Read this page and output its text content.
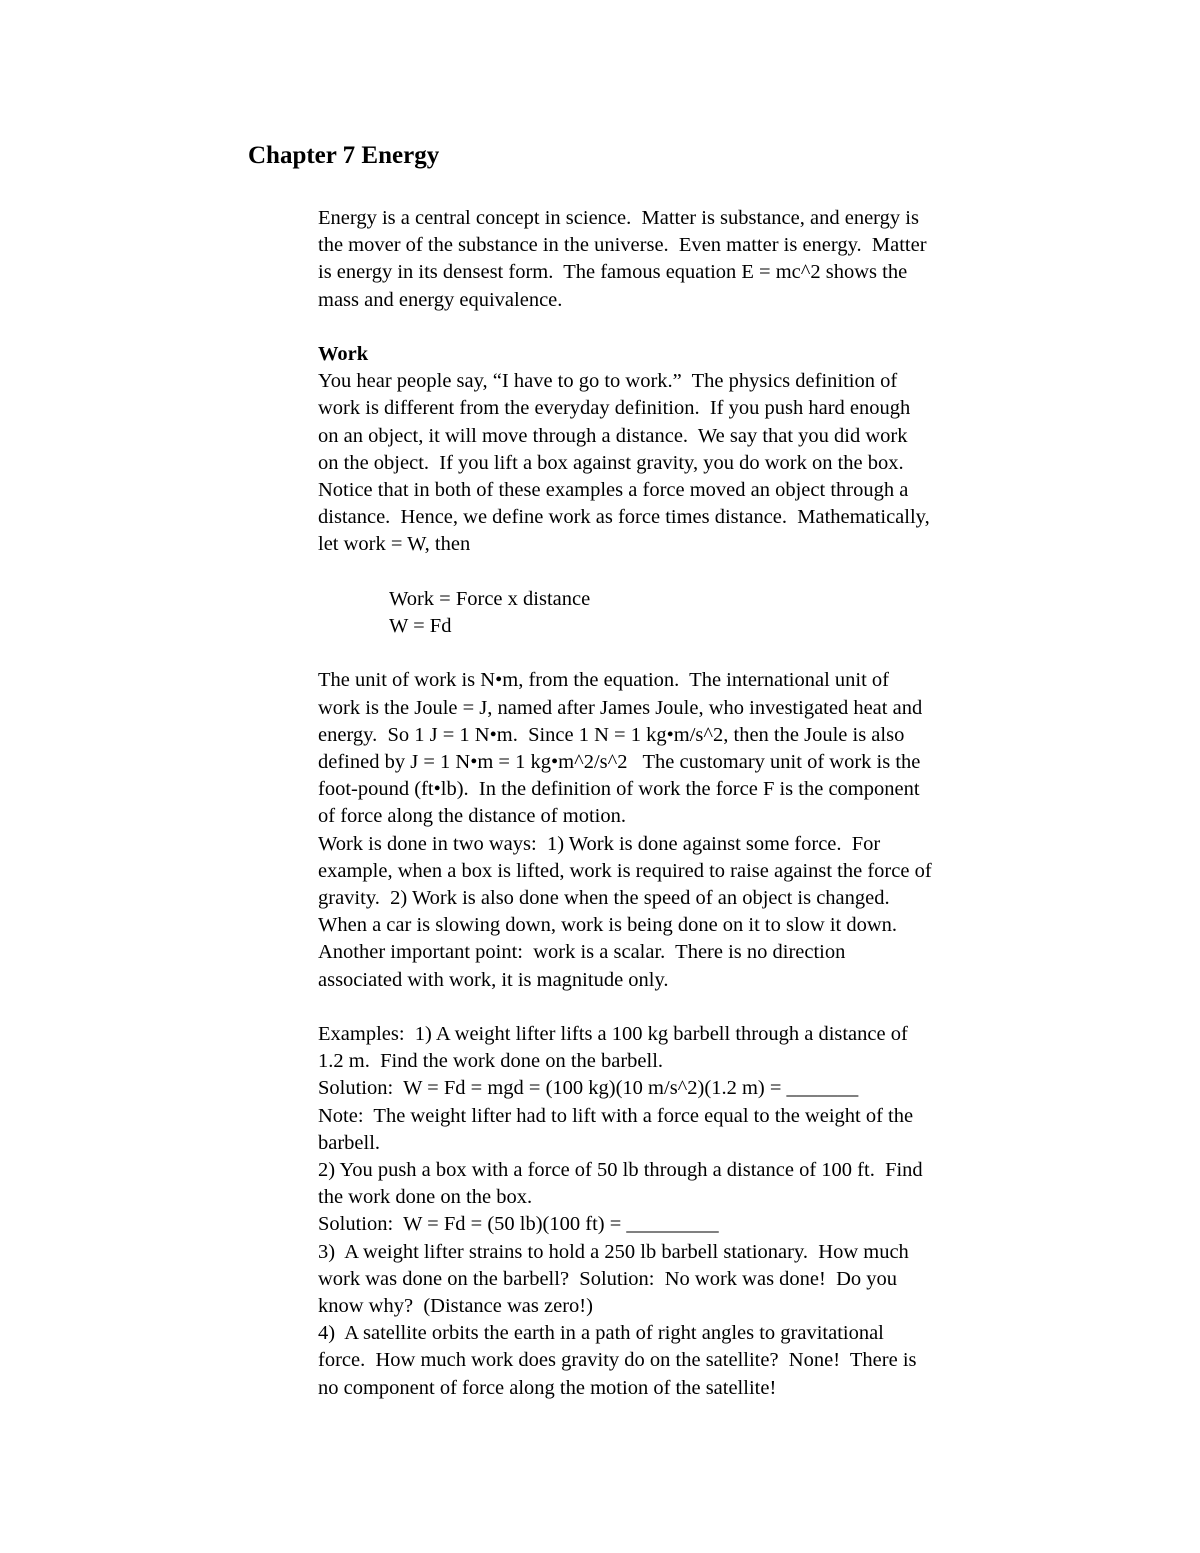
Chapter 7 Energy

Energy is a central concept in science.  Matter is substance, and energy is

the mover of the substance in the universe.  Even matter is energy.  Matter

is energy in its densest form.  The famous equation E = mc^2 shows the

mass and energy equivalence.

Work

You hear people say, “I have to go to work.”  The physics definition of

work is different from the everyday definition.  If you push hard enough

on an object, it will move through a distance.  We say that you did work

on the object.  If you lift a box against gravity, you do work on the box.

Notice that in both of these examples a force moved an object through a

distance.  Hence, we define work as force times distance.  Mathematically,

let work = W, then

Work = Force x distance

W = Fd

The unit of work is N•m, from the equation.  The international unit of

work is the Joule = J, named after James Joule, who investigated heat and

energy.  So 1 J = 1 N•m.  Since 1 N = 1 kg•m/s^2, then the Joule is also

defined by J = 1 N•m = 1 kg•m^2/s^2   The customary unit of work is the

foot-pound (ft•lb).  In the definition of work the force F is the component

of force along the distance of motion.

Work is done in two ways:  1) Work is done against some force.  For

example, when a box is lifted, work is required to raise against the force of

gravity.  2) Work is also done when the speed of an object is changed.

When a car is slowing down, work is being done on it to slow it down.

Another important point:  work is a scalar.  There is no direction

associated with work, it is magnitude only.

Examples:  1) A weight lifter lifts a 100 kg barbell through a distance of

1.2 m.  Find the work done on the barbell.

Solution:  W = Fd = mgd = (100 kg)(10 m/s^2)(1.2 m) = _______

Note:  The weight lifter had to lift with a force equal to the weight of the

barbell.

2) You push a box with a force of 50 lb through a distance of 100 ft.  Find

the work done on the box.

Solution:  W = Fd = (50 lb)(100 ft) = _________

3)  A weight lifter strains to hold a 250 lb barbell stationary.  How much

work was done on the barbell?  Solution:  No work was done!  Do you

know why?  (Distance was zero!)

4)  A satellite orbits the earth in a path of right angles to gravitational

force.  How much work does gravity do on the satellite?  None!  There is

no component of force along the motion of the satellite!
